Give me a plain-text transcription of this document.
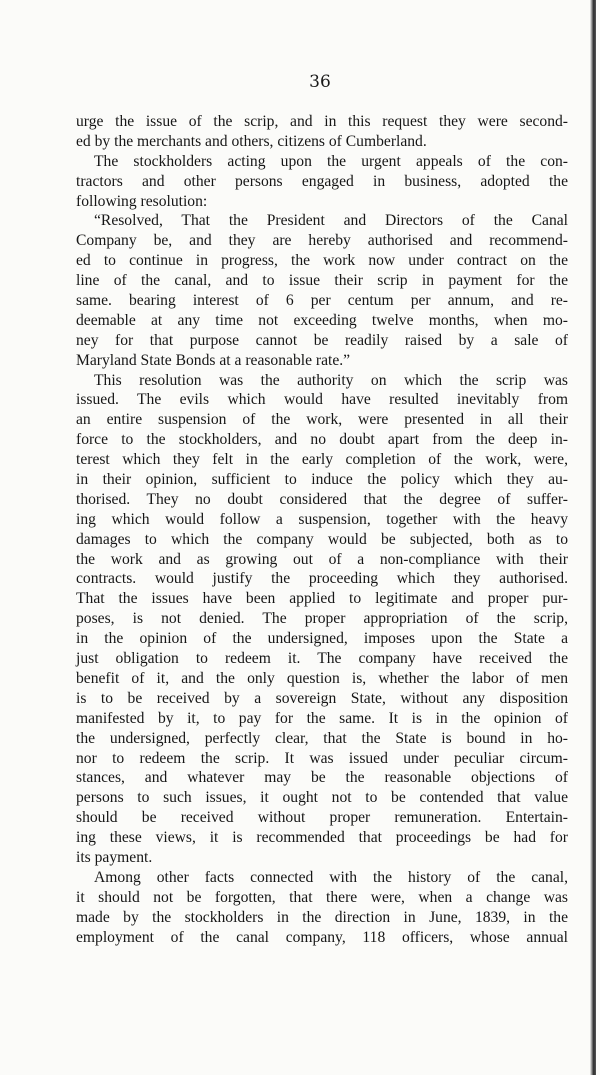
36
urge the issue of the scrip, and in this request they were second-
ed by the merchants and others, citizens of Cumberland.
The stockholders acting upon the urgent appeals of the con-
tractors and other persons engaged in business, adopted the
following resolution:
“Resolved, That the President and Directors of the Canal
Company be, and they are hereby authorised and recommend-
ed to continue in progress, the work now under contract on the
line of the canal, and to issue their scrip in payment for the
same. bearing interest of 6 per centum per annum, and re-
deemable at any time not exceeding twelve months, when mo-
ney for that purpose cannot be readily raised by a sale of
Maryland State Bonds at a reasonable rate.”
This resolution was the authority on which the scrip was
issued. The evils which would have resulted inevitably from
an entire suspension of the work, were presented in all their
force to the stockholders, and no doubt apart from the deep in-
terest which they felt in the early completion of the work, were,
in their opinion, sufficient to induce the policy which they au-
thorised. They no doubt considered that the degree of suffer-
ing which would follow a suspension, together with the heavy
damages to which the company would be subjected, both as to
the work and as growing out of a non-compliance with their
contracts. would justify the proceeding which they authorised.
That the issues have been applied to legitimate and proper pur-
poses, is not denied. The proper appropriation of the scrip,
in the opinion of the undersigned, imposes upon the State a
just obligation to redeem it. The company have received the
benefit of it, and the only question is, whether the labor of men
is to be received by a sovereign State, without any disposition
manifested by it, to pay for the same. It is in the opinion of
the undersigned, perfectly clear, that the State is bound in ho-
nor to redeem the scrip. It was issued under peculiar circum-
stances, and whatever may be the reasonable objections of
persons to such issues, it ought not to be contended that value
should be received without proper remuneration. Entertain-
ing these views, it is recommended that proceedings be had for
its payment.
Among other facts connected with the history of the canal,
it should not be forgotten, that there were, when a change was
made by the stockholders in the direction in June, 1839, in the
employment of the canal company, 118 officers, whose annual
